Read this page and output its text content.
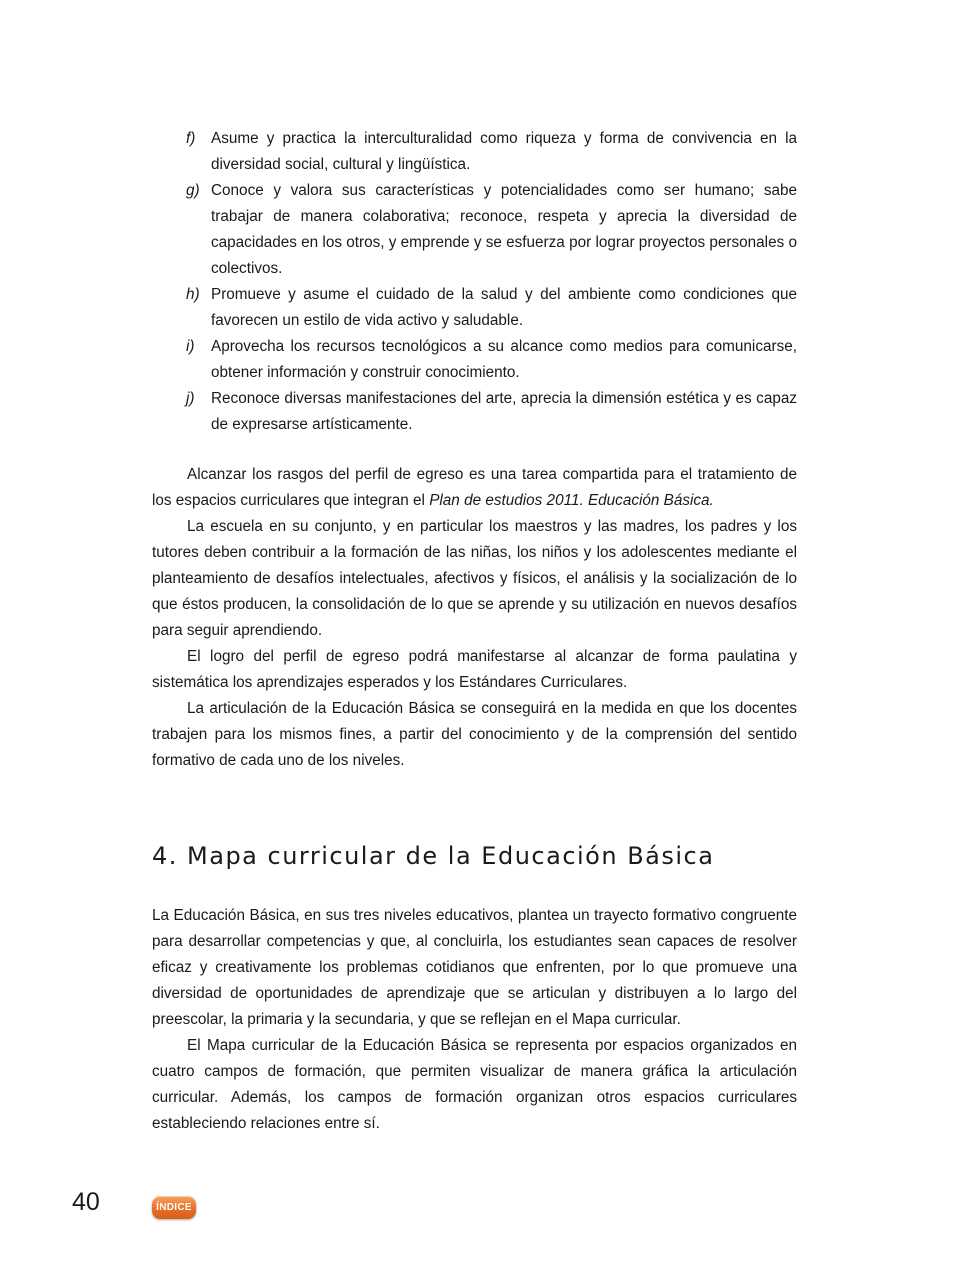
f)	Asume y practica la interculturalidad como riqueza y forma de convivencia en la diversidad social, cultural y lingüística.
g) Conoce y valora sus características y potencialidades como ser humano; sabe trabajar de manera colaborativa; reconoce, respeta y aprecia la diversidad de capacidades en los otros, y emprende y se esfuerza por lograr proyectos personales o colectivos.
h) Promueve y asume el cuidado de la salud y del ambiente como condiciones que favorecen un estilo de vida activo y saludable.
i)	Aprovecha los recursos tecnológicos a su alcance como medios para comunicarse, obtener información y construir conocimiento.
j)	Reconoce diversas manifestaciones del arte, aprecia la dimensión estética y es capaz de expresarse artísticamente.

Alcanzar los rasgos del perfil de egreso es una tarea compartida para el tratamiento de los espacios curriculares que integran el Plan de estudios 2011. Educación Básica.

La escuela en su conjunto, y en particular los maestros y las madres, los padres y los tutores deben contribuir a la formación de las niñas, los niños y los adolescentes mediante el planteamiento de desafíos intelectuales, afectivos y físicos, el análisis y la socialización de lo que éstos producen, la consolidación de lo que se aprende y su utilización en nuevos desafíos para seguir aprendiendo.

El logro del perfil de egreso podrá manifestarse al alcanzar de forma paulatina y sistemática los aprendizajes esperados y los Estándares Curriculares.

La articulación de la Educación Básica se conseguirá en la medida en que los docentes trabajen para los mismos fines, a partir del conocimiento y de la comprensión del sentido formativo de cada uno de los niveles.

4. Mapa curricular de la Educación Básica

La Educación Básica, en sus tres niveles educativos, plantea un trayecto formativo congruente para desarrollar competencias y que, al concluirla, los estudiantes sean capaces de resolver eficaz y creativamente los problemas cotidianos que enfrenten, por lo que promueve una diversidad de oportunidades de aprendizaje que se articulan y distribuyen a lo largo del preescolar, la primaria y la secundaria, y que se reflejan en el Mapa curricular.

El Mapa curricular de la Educación Básica se representa por espacios organizados en cuatro campos de formación, que permiten visualizar de manera gráfica la articulación curricular. Además, los campos de formación organizan otros espacios curriculares estableciendo relaciones entre sí.

40	ÍNDICE
